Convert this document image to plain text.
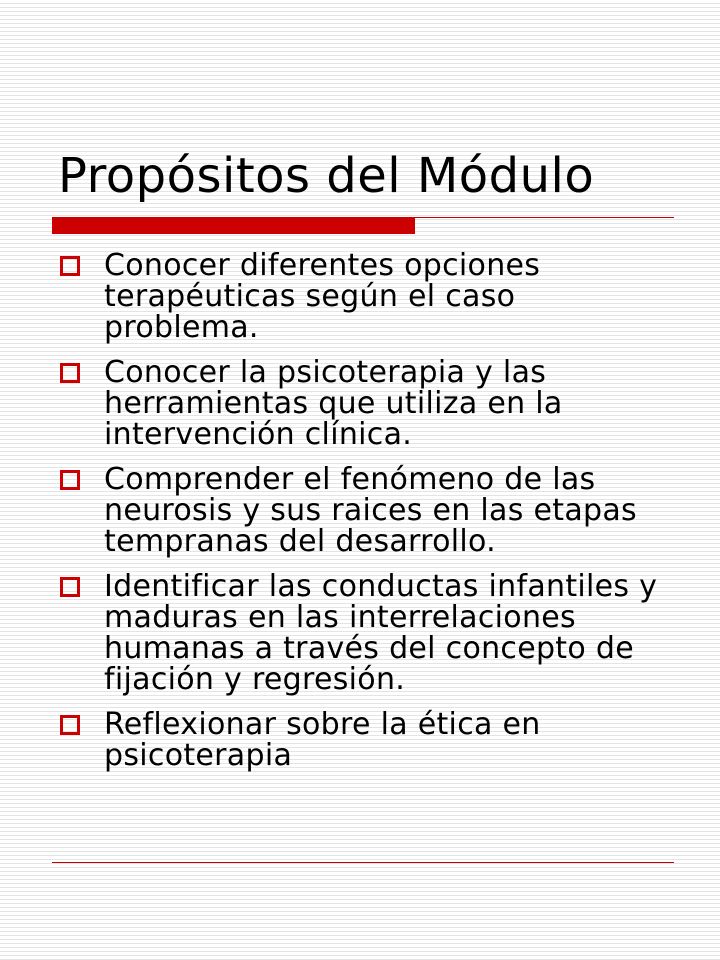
Propósitos del Módulo
Conocer diferentes opciones terapéuticas según el caso problema.
Conocer la psicoterapia y las herramientas que utiliza en la intervención clínica.
Comprender el fenómeno de las neurosis y sus raices en las etapas tempranas del desarrollo.
Identificar las conductas infantiles y maduras en las interrelaciones humanas a través del concepto de fijación y regresión.
Reflexionar sobre la ética en psicoterapia
